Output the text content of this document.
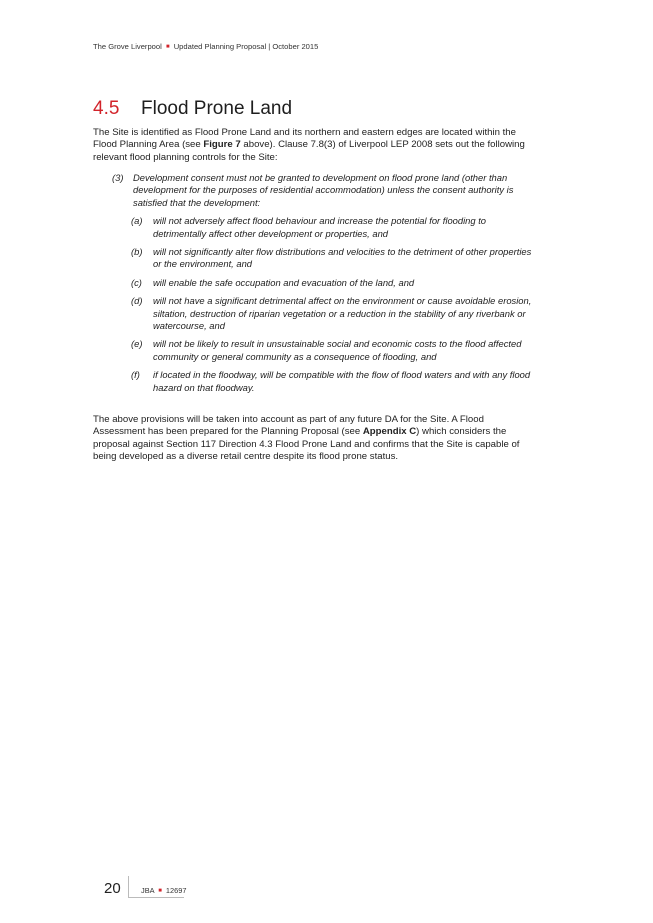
The Grove Liverpool ■ Updated Planning Proposal | October 2015
4.5 Flood Prone Land

The Site is identified as Flood Prone Land and its northern and eastern edges are located within the Flood Planning Area (see Figure 7 above). Clause 7.8(3) of Liverpool LEP 2008 sets out the following relevant flood planning controls for the Site:

(3) Development consent must not be granted to development on flood prone land (other than development for the purposes of residential accommodation) unless the consent authority is satisfied that the development:
(a) will not adversely affect flood behaviour and increase the potential for flooding to detrimentally affect other development or properties, and
(b) will not significantly alter flow distributions and velocities to the detriment of other properties or the environment, and
(c) will enable the safe occupation and evacuation of the land, and
(d) will not have a significant detrimental affect on the environment or cause avoidable erosion, siltation, destruction of riparian vegetation or a reduction in the stability of any riverbank or watercourse, and
(e) will not be likely to result in unsustainable social and economic costs to the flood affected community or general community as a consequence of flooding, and
(f) if located in the floodway, will be compatible with the flow of flood waters and with any flood hazard on that floodway.

The above provisions will be taken into account as part of any future DA for the Site. A Flood Assessment has been prepared for the Planning Proposal (see Appendix C) which considers the proposal against Section 117 Direction 4.3 Flood Prone Land and confirms that the Site is capable of being developed as a diverse retail centre despite its flood prone status.

20	JBA ■ 12697
